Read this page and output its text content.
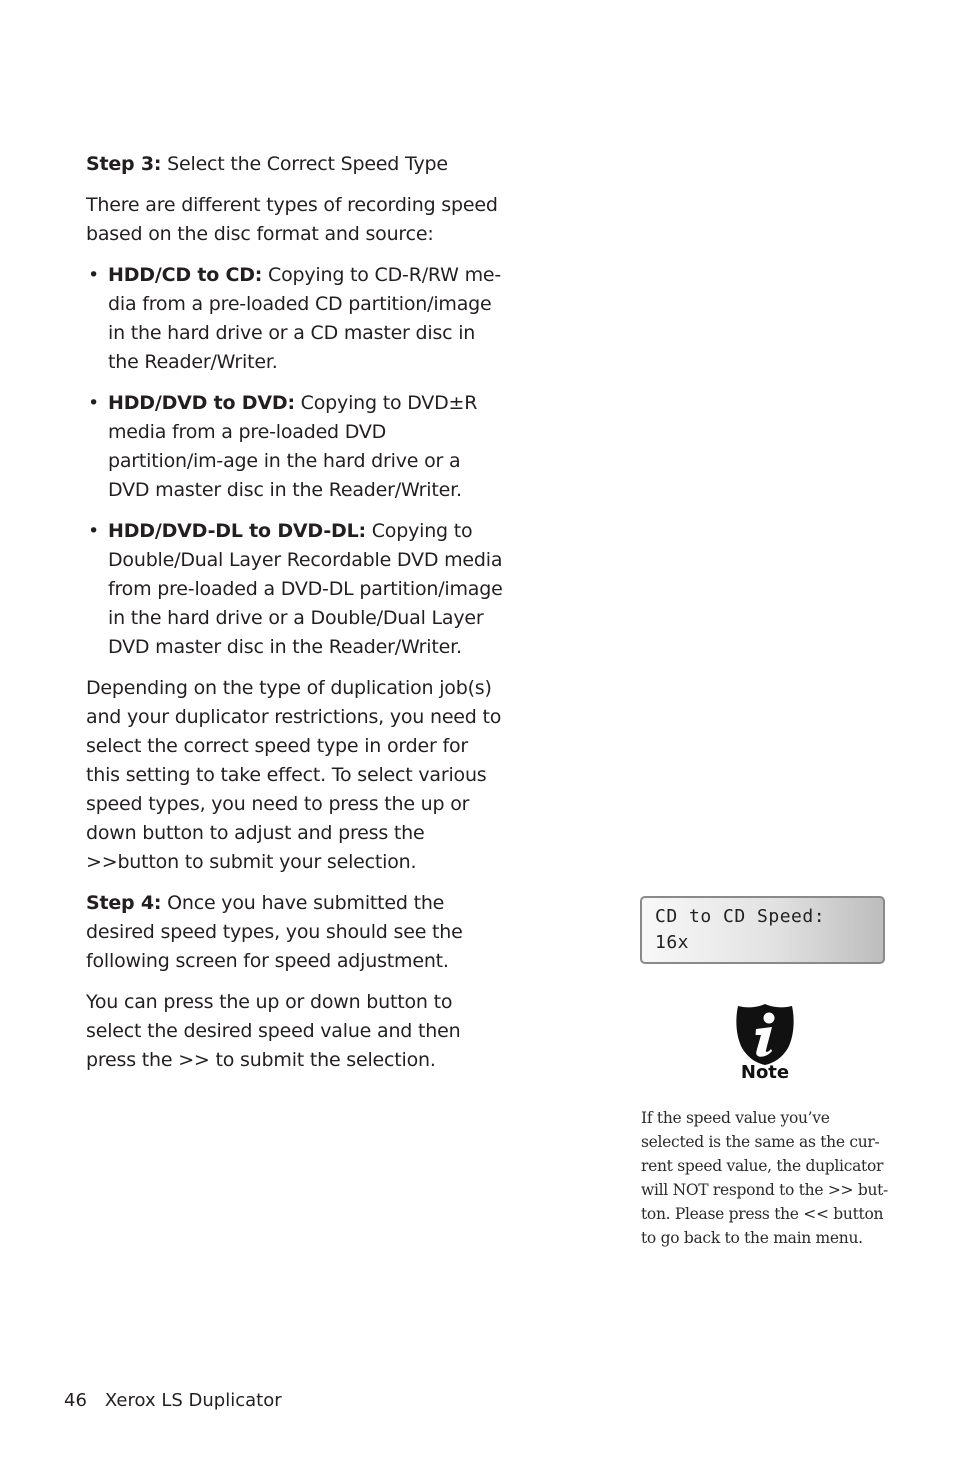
Step 3: Select the Correct Speed Type

There are different types of recording speed based on the disc format and source:

• HDD/CD to CD: Copying to CD-R/RW me-dia from a pre-loaded CD partition/image in the hard drive or a CD master disc in the Reader/Writer.
• HDD/DVD to DVD: Copying to DVD±R media from a pre-loaded DVD partition/im-age in the hard drive or a DVD master disc in the Reader/Writer.
• HDD/DVD-DL to DVD-DL: Copying to Double/Dual Layer Recordable DVD media from pre-loaded a DVD-DL partition/image in the hard drive or a Double/Dual Layer DVD master disc in the Reader/Writer.

Depending on the type of duplication job(s) and your duplicator restrictions, you need to select the correct speed type in order for this setting to take effect. To select various speed types, you need to press the up or down button to adjust and press the >>button to submit your selection.

Step 4: Once you have submitted the desired speed types, you should see the following screen for speed adjustment.

You can press the up or down button to select the desired speed value and then press the >> to submit the selection.

CD to CD Speed:
16x
Note

If the speed value you’ve selected is the same as the cur-rent speed value, the duplicator will NOT respond to the >> but-ton. Please press the << button to go back to the main menu.

46 Xerox LS Duplicator
